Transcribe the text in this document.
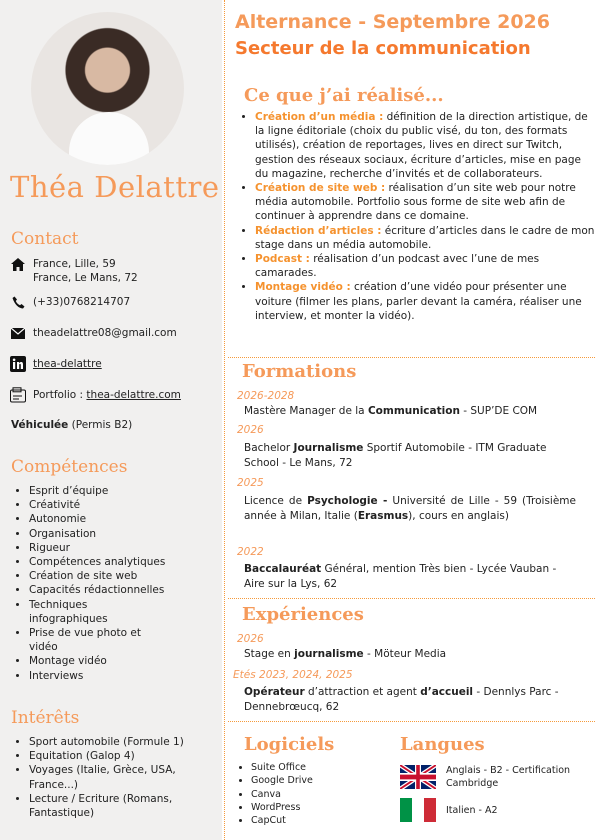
Théa Delattre
Contact
France, Lille, 59
France, Le Mans, 72
(+33)0768214707
theadelattre08@gmail.com
thea-delattre
Portfolio : thea-delattre.com
Véhiculée (Permis B2)
Compétences
• Esprit d’équipe
• Créativité
• Autonomie
• Organisation
• Rigueur
• Compétences analytiques
• Création de site web
• Capacités rédactionnelles
• Techniques infographiques
• Prise de vue photo et vidéo
• Montage vidéo
• Interviews
Intérêts
• Sport automobile (Formule 1)
• Equitation (Galop 4)
• Voyages (Italie, Grèce, USA, France...)
• Lecture / Ecriture (Romans, Fantastique)
Alternance - Septembre 2026
Secteur de la communication
Ce que j’ai réalisé...
• Création d’un média : définition de la direction artistique, de la ligne éditoriale (choix du public visé, du ton, des formats utilisés), création de reportages, lives en direct sur Twitch, gestion des réseaux sociaux, écriture d’articles, mise en page du magazine, recherche d’invités et de collaborateurs.
• Création de site web : réalisation d’un site web pour notre média automobile. Portfolio sous forme de site web afin de continuer à apprendre dans ce domaine.
• Rédaction d’articles : écriture d’articles dans le cadre de mon stage dans un média automobile.
• Podcast : réalisation d’un podcast avec l’une de mes camarades.
• Montage vidéo : création d’une vidéo pour présenter une voiture (filmer les plans, parler devant la caméra, réaliser une interview, et monter la vidéo).
Formations
2026-2028
Mastère Manager de la Communication - SUP’DE COM
2026
Bachelor Journalisme Sportif Automobile - ITM Graduate School - Le Mans, 72
2025
Licence de Psychologie - Université de Lille - 59 (Troisième année à Milan, Italie (Erasmus), cours en anglais)
2022
Baccalauréat Général, mention Très bien - Lycée Vauban - Aire sur la Lys, 62
Expériences
2026
Stage en journalisme - Möteur Media
Etés 2023, 2024, 2025
Opérateur d’attraction et agent d’accueil - Dennlys Parc - Dennebrœucq, 62
Logiciels
• Suite Office
• Google Drive
• Canva
• WordPress
• CapCut
Langues
Anglais - B2 - Certification Cambridge
Italien - A2
